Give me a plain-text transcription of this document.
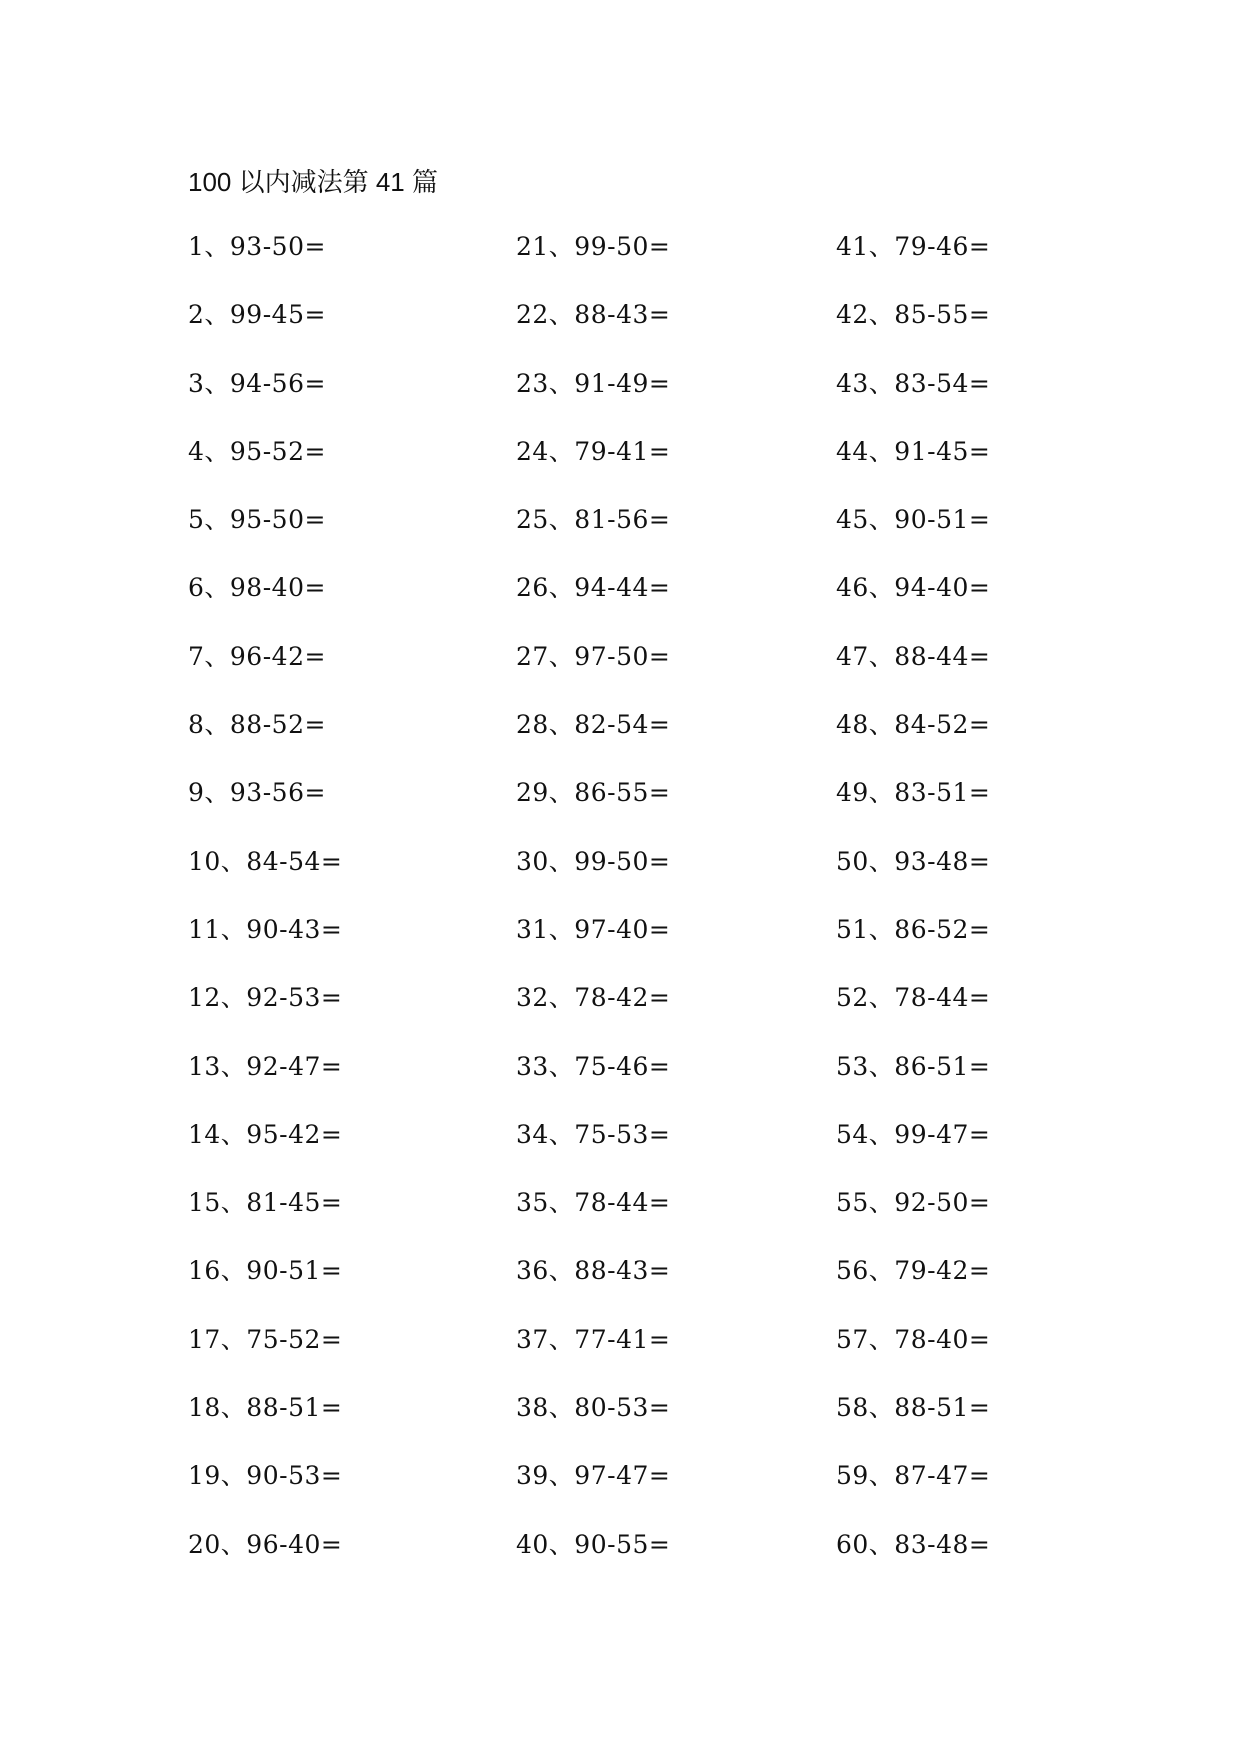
100 以内减法第 41 篇
1、93-50=
2、99-45=
3、94-56=
4、95-52=
5、95-50=
6、98-40=
7、96-42=
8、88-52=
9、93-56=
10、84-54=
11、90-43=
12、92-53=
13、92-47=
14、95-42=
15、81-45=
16、90-51=
17、75-52=
18、88-51=
19、90-53=
20、96-40=
21、99-50=
22、88-43=
23、91-49=
24、79-41=
25、81-56=
26、94-44=
27、97-50=
28、82-54=
29、86-55=
30、99-50=
31、97-40=
32、78-42=
33、75-46=
34、75-53=
35、78-44=
36、88-43=
37、77-41=
38、80-53=
39、97-47=
40、90-55=
41、79-46=
42、85-55=
43、83-54=
44、91-45=
45、90-51=
46、94-40=
47、88-44=
48、84-52=
49、83-51=
50、93-48=
51、86-52=
52、78-44=
53、86-51=
54、99-47=
55、92-50=
56、79-42=
57、78-40=
58、88-51=
59、87-47=
60、83-48=
